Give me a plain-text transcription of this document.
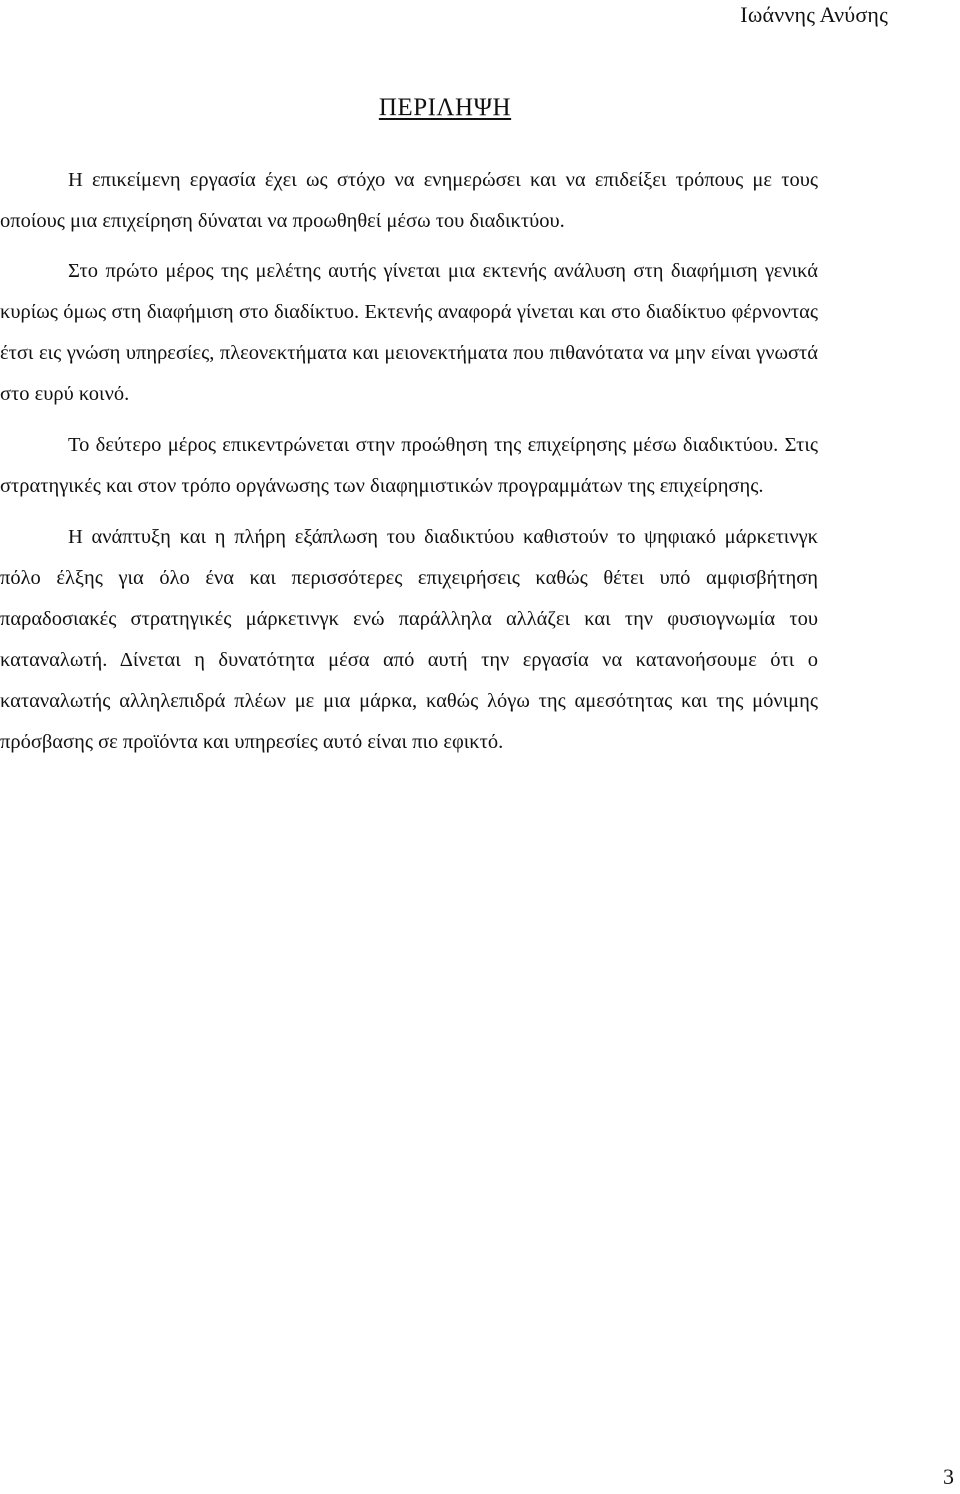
Ιωάννης Ανύσης
ΠΕΡΙΛΗΨΗ

Η επικείμενη εργασία έχει ως στόχο να ενημερώσει και να επιδείξει τρόπους με τους οποίους μια επιχείρηση δύναται να προωθηθεί μέσω του διαδικτύου.

Στο πρώτο μέρος της μελέτης αυτής γίνεται μια εκτενής ανάλυση στη διαφήμιση γενικά κυρίως όμως στη διαφήμιση στο διαδίκτυο. Εκτενής αναφορά γίνεται και στο διαδίκτυο φέρνοντας έτσι εις γνώση υπηρεσίες, πλεονεκτήματα και μειονεκτήματα που πιθανότατα να μην είναι γνωστά στο ευρύ κοινό.

Το δεύτερο μέρος επικεντρώνεται στην προώθηση της επιχείρησης μέσω διαδικτύου. Στις στρατηγικές και στον τρόπο οργάνωσης των διαφημιστικών προγραμμάτων της επιχείρησης.

Η ανάπτυξη και η πλήρη εξάπλωση του διαδικτύου καθιστούν το ψηφιακό μάρκετινγκ πόλο έλξης για όλο ένα και περισσότερες επιχειρήσεις καθώς θέτει υπό αμφισβήτηση παραδοσιακές στρατηγικές μάρκετινγκ ενώ παράλληλα αλλάζει και την φυσιογνωμία του καταναλωτή. Δίνεται η δυνατότητα μέσα από αυτή την εργασία να κατανοήσουμε ότι ο καταναλωτής αλληλεπιδρά πλέων με μια μάρκα, καθώς λόγω της αμεσότητας και της μόνιμης πρόσβασης σε προϊόντα και υπηρεσίες αυτό είναι πιο εφικτό.

3
